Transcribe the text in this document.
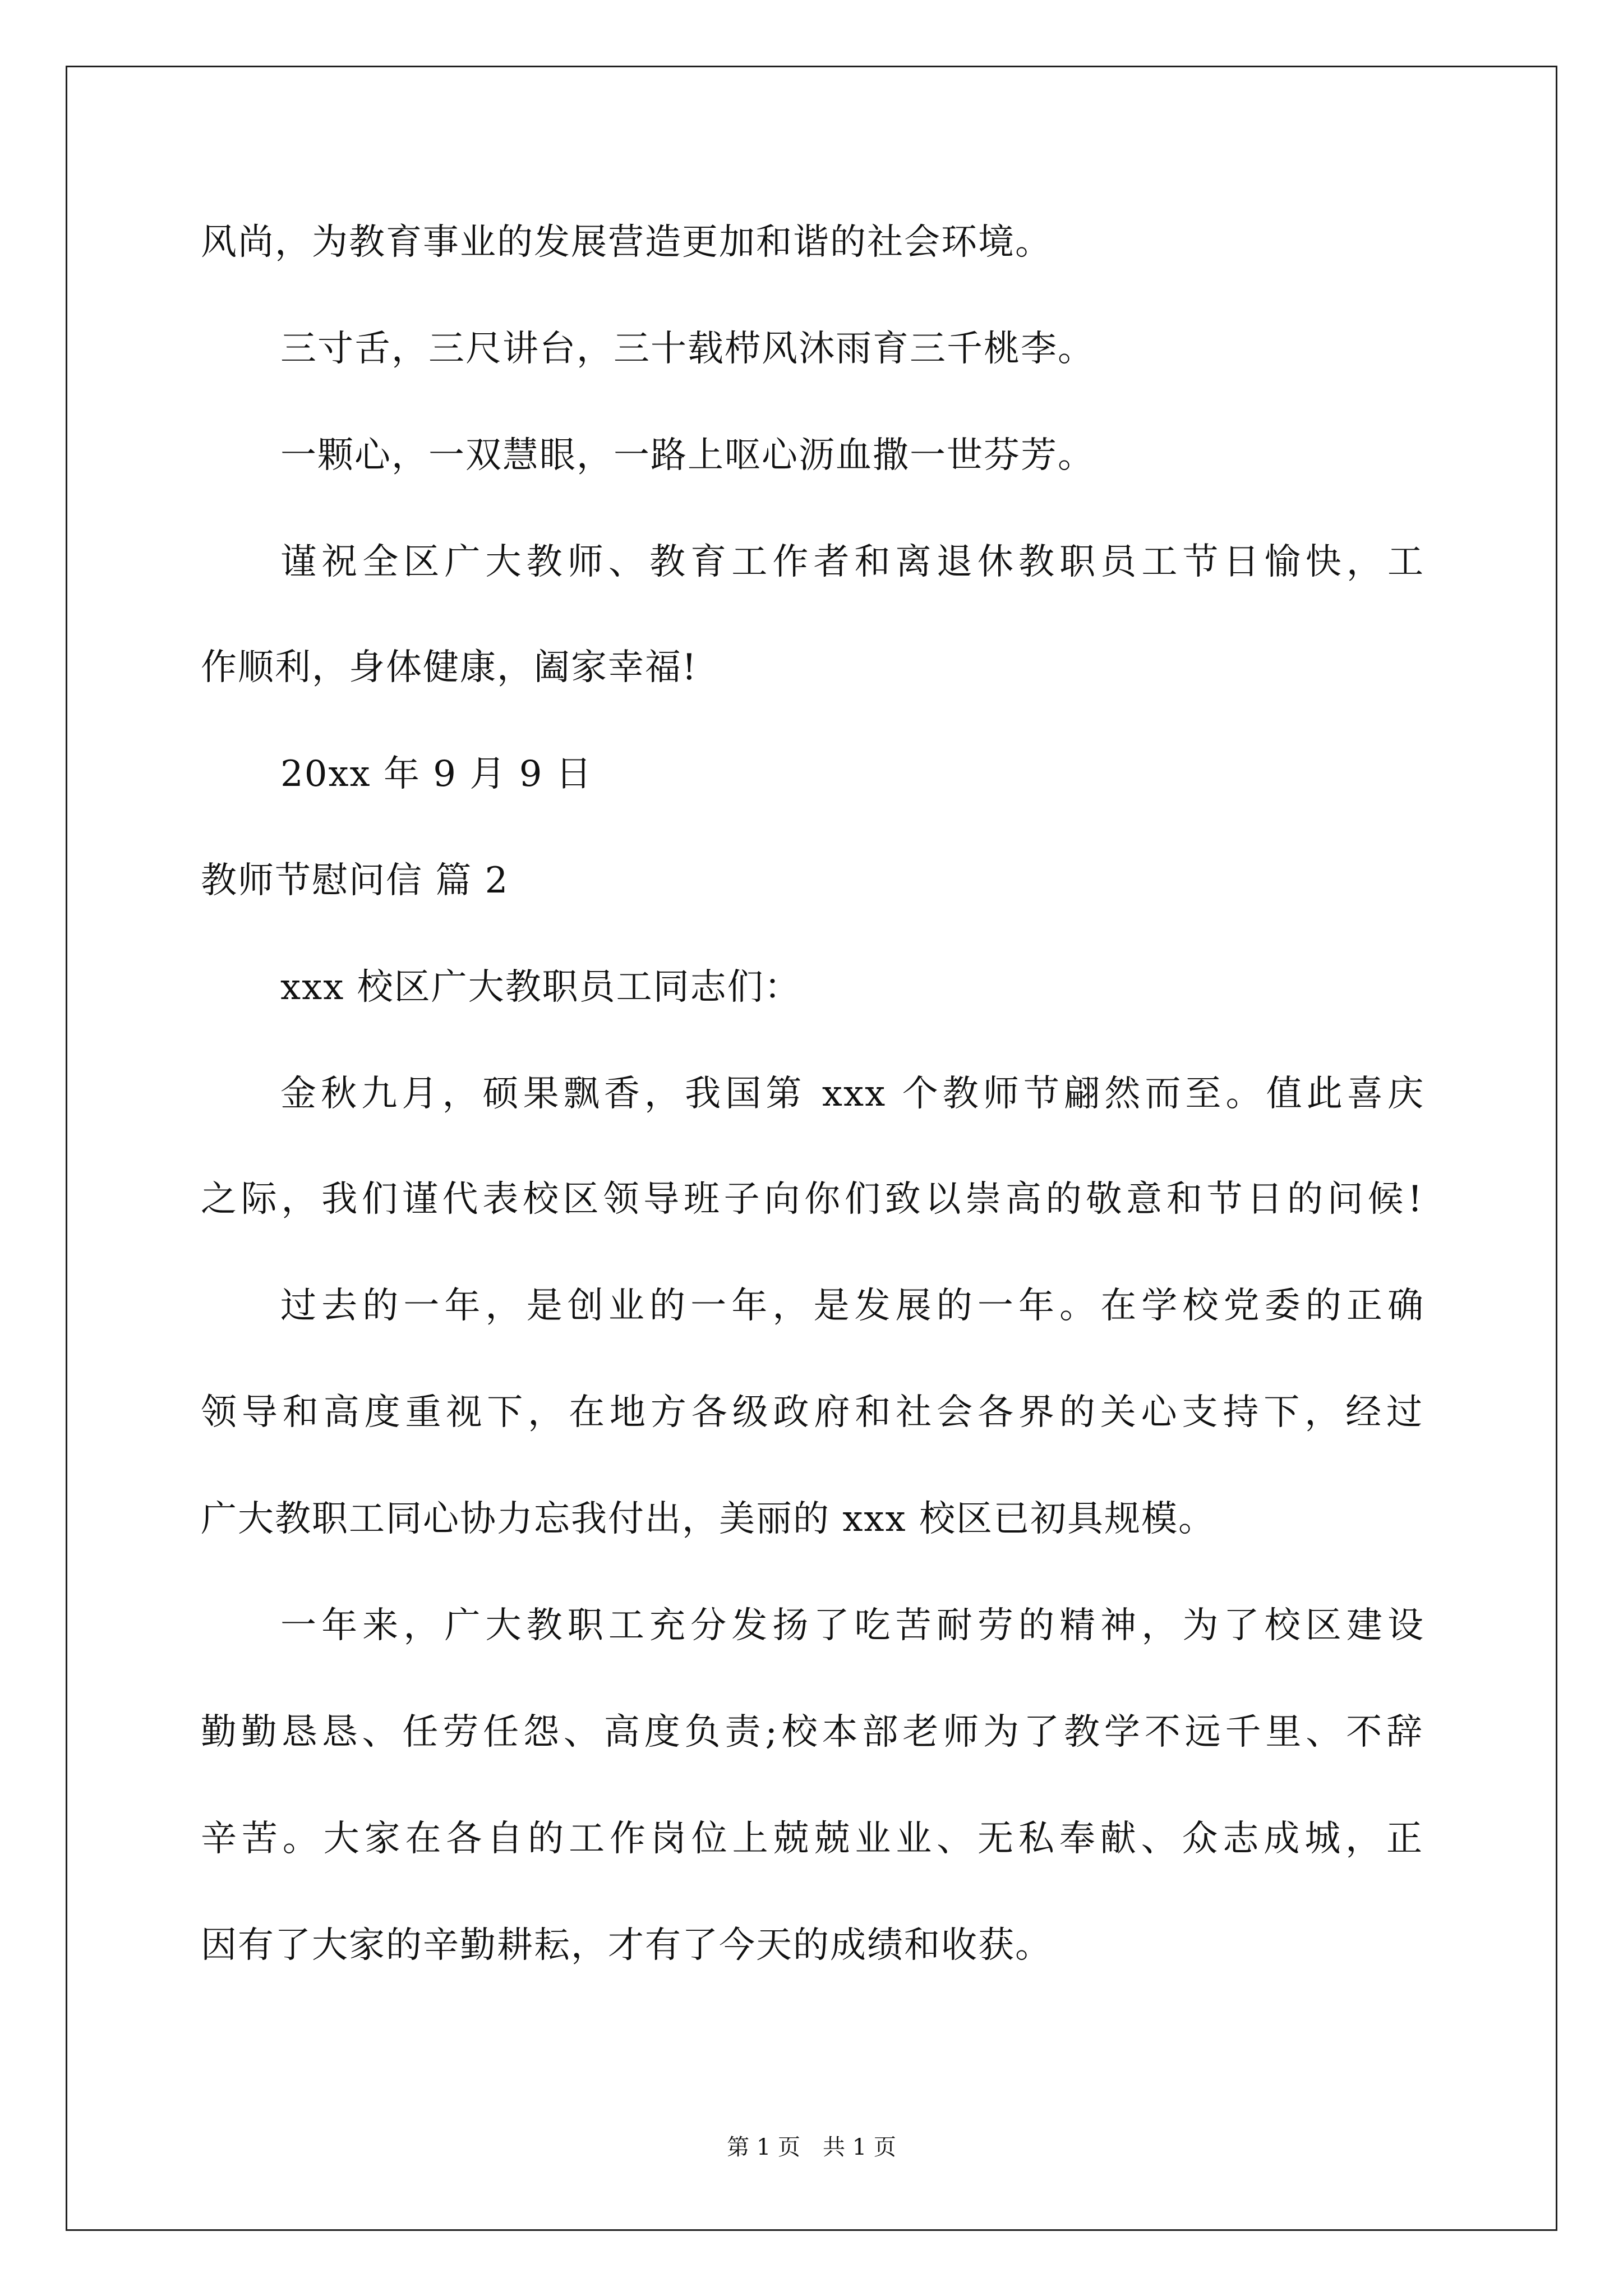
风尚，为教育事业的发展营造更加和谐的社会环境。
三寸舌，三尺讲台，三十载栉风沐雨育三千桃李。
一颗心，一双慧眼，一路上呕心沥血撒一世芬芳。
谨祝全区广大教师、教育工作者和离退休教职员工节日愉快，工
作顺利，身体健康，阖家幸福!
20xx 年 9 月 9 日
教师节慰问信 篇 2
xxx 校区广大教职员工同志们：
金秋九月，硕果飘香，我国第 xxx 个教师节翩然而至。值此喜庆
之际，我们谨代表校区领导班子向你们致以崇高的敬意和节日的问候!
过去的一年，是创业的一年，是发展的一年。在学校党委的正确
领导和高度重视下，在地方各级政府和社会各界的关心支持下，经过
广大教职工同心协力忘我付出，美丽的 xxx 校区已初具规模。
一年来，广大教职工充分发扬了吃苦耐劳的精神，为了校区建设
勤勤恳恳、任劳任怨、高度负责;校本部老师为了教学不远千里、不辞
辛苦。大家在各自的工作岗位上兢兢业业、无私奉献、众志成城，正
因有了大家的辛勤耕耘，才有了今天的成绩和收获。
第 1 页　共 1 页
